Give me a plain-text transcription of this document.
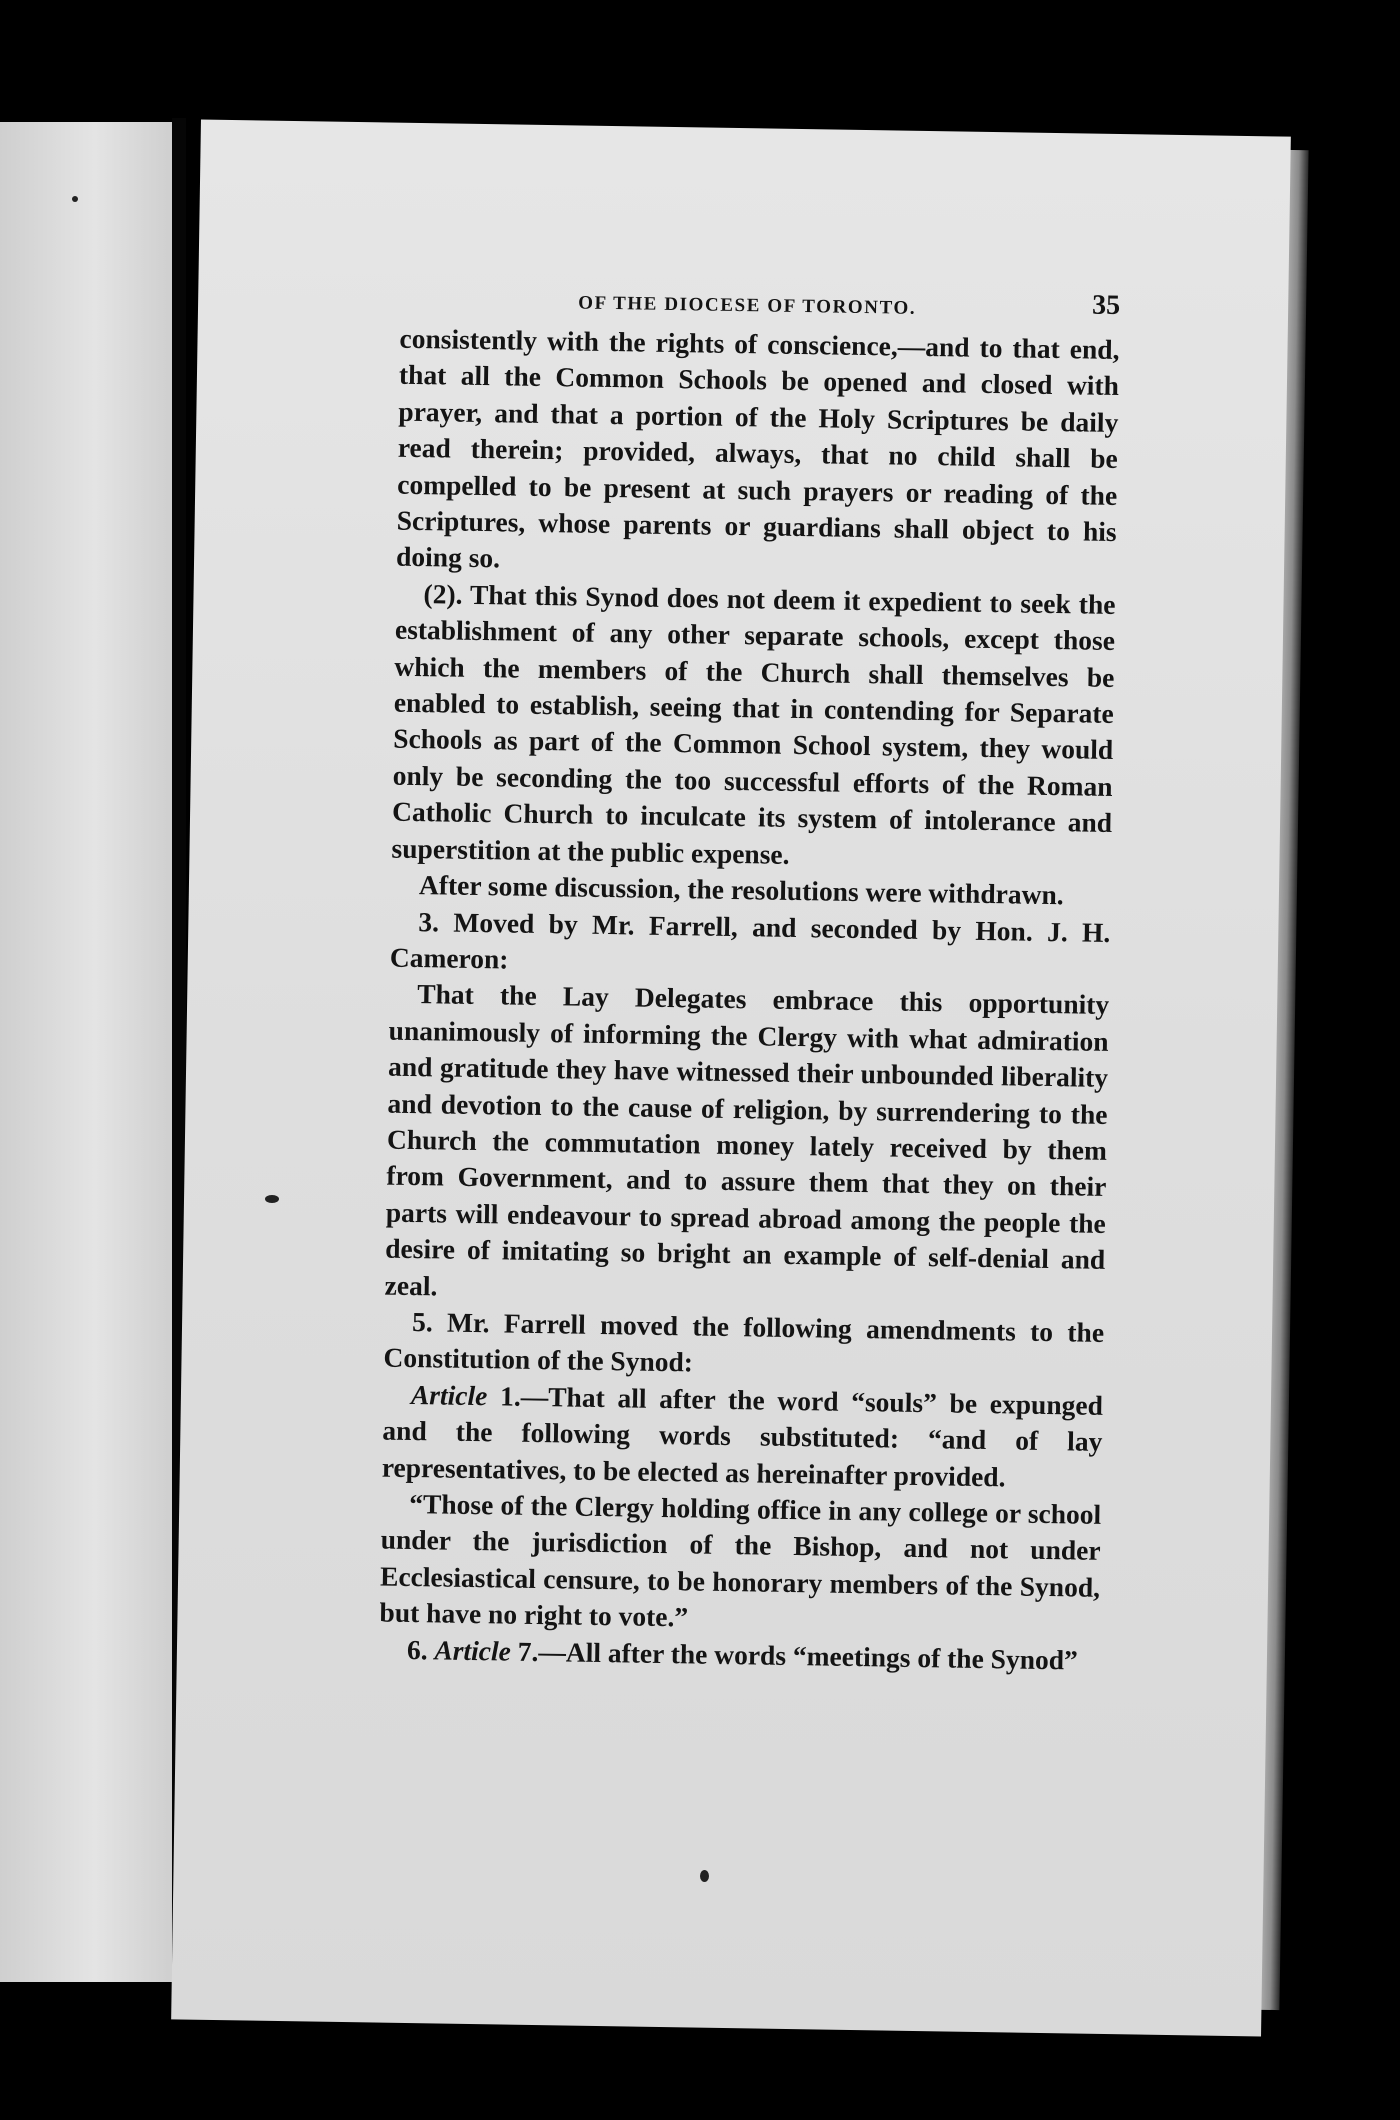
OF THE DIOCESE OF TORONTO.	35

consistently with the rights of conscience,—and to that end, that all the Common Schools be opened and closed with prayer, and that a portion of the Holy Scriptures be daily read therein; provided, always, that no child shall be compelled to be present at such prayers or reading of the Scriptures, whose parents or guardians shall object to his doing so.

(2). That this Synod does not deem it expedient to seek the establishment of any other separate schools, except those which the members of the Church shall themselves be enabled to establish, seeing that in contending for Separate Schools as part of the Common School system, they would only be seconding the too successful efforts of the Roman Catholic Church to inculcate its system of intolerance and superstition at the public expense.

After some discussion, the resolutions were withdrawn.

3. Moved by Mr. Farrell, and seconded by Hon. J. H. Cameron:

That the Lay Delegates embrace this opportunity unanimously of informing the Clergy with what admiration and gratitude they have witnessed their unbounded liberality and devotion to the cause of religion, by surrendering to the Church the commutation money lately received by them from Government, and to assure them that they on their parts will endeavour to spread abroad among the people the desire of imitating so bright an example of self-denial and zeal.

5. Mr. Farrell moved the following amendments to the Constitution of the Synod:

Article 1.—That all after the word “souls” be expunged and the following words substituted: “and of lay representatives, to be elected as hereinafter provided.

“Those of the Clergy holding office in any college or school under the jurisdiction of the Bishop, and not under Ecclesiastical censure, to be honorary members of the Synod, but have no right to vote.”

6. Article 7.—All after the words “meetings of the Synod”
